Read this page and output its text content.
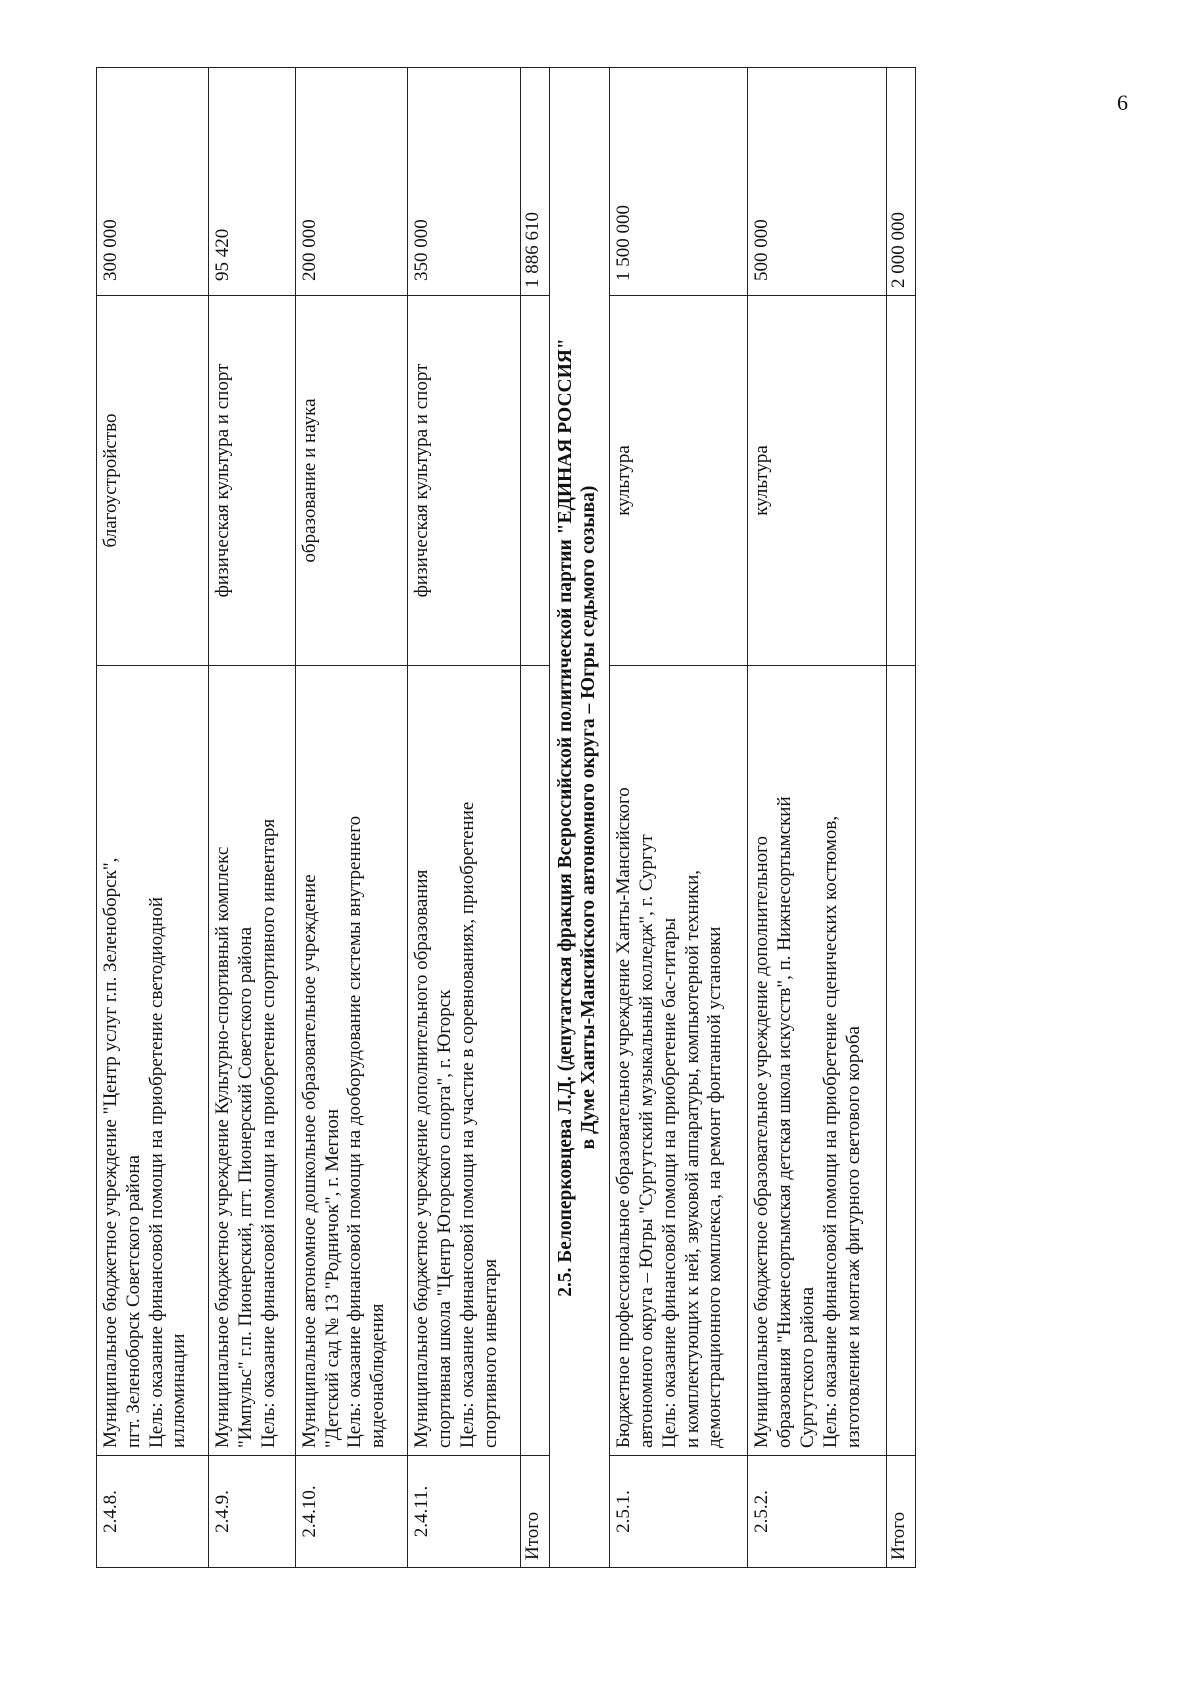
6
2.4.8.	Муниципальное бюджетное учреждение "Центр услуг г.п. Зеленоборск", пгт. Зеленоборск Советского района Цель: оказание финансовой помощи на приобретение светодиодной иллюминации	благоустройство	300 000
2.4.9.	Муниципальное бюджетное учреждение Культурно-спортивный комплекс "Импульс" г.п. Пионерский, пгт. Пионерский Советского района Цель: оказание финансовой помощи на приобретение спортивного инвентаря	физическая культура и спорт	95 420
2.4.10.	Муниципальное автономное дошкольное образовательное учреждение "Детский сад № 13 "Родничок", г. Мегион Цель: оказание финансовой помощи на дооборудование системы внутреннего видеонаблюдения	образование и наука	200 000
2.4.11.	Муниципальное бюджетное учреждение дополнительного образования спортивная школа "Центр Югорского спорта", г. Югорск Цель: оказание финансовой помощи на участие в соревнованиях, приобретение спортивного инвентаря	физическая культура и спорт	350 000
Итого			1 886 610

2.5. Белоперковцева Л.Д. (депутатская фракция Всероссийской политической партии "ЕДИНАЯ РОССИЯ" в Думе Ханты-Мансийского автономного округа – Югры седьмого созыва)			

2.5.1.	Бюджетное профессиональное образовательное учреждение Ханты-Мансийского автономного округа – Югры "Сургутский музыкальный колледж", г. Сургут Цель: оказание финансовой помощи на приобретение бас-гитары и комплектующих к ней, звуковой аппаратуры, компьютерной техники, демонстрационного комплекса, на ремонт фонтанной установки	культура	1 500 000
2.5.2.	Муниципальное бюджетное образовательное учреждение дополнительного образования "Нижнесортымская детская школа искусств", п. Нижнесортымский Сургутского района Цель: оказание финансовой помощи на приобретение сценических костюмов, изготовление и монтаж фигурного светового короба	культура	500 000
Итого			2 000 000
